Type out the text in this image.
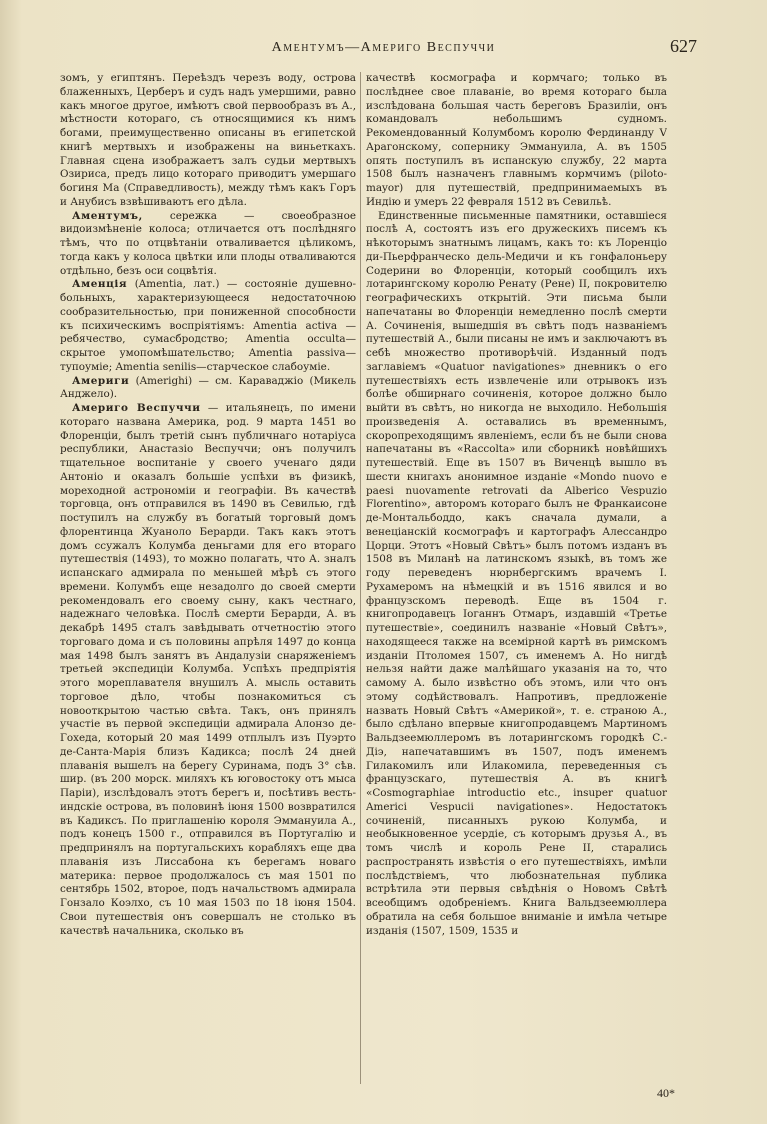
Аментумъ—Америго Веспуччи	627

зомъ, у египтянъ. Переѣздъ черезъ воду, острова блаженныхъ, Церберъ и судъ надъ умершими, равно какъ многое другое, имѣютъ свой первообразъ въ А., мѣстности котораго, съ относящимися къ нимъ богами, преимущественно описаны въ египетской книгѣ мертвыхъ и изображены на виньеткахъ. Главная сцена изображаетъ залъ судьи мертвыхъ Озириса, предъ лицо котораго приводитъ умершаго богиня Ма (Справедливость), между тѣмъ какъ Горъ и Анубисъ взвѣшиваютъ его дѣла.

Аментумъ, сережка — своеобразное видоизмѣненіе колоса; отличается отъ послѣдняго тѣмъ, что по отцвѣтаніи отваливается цѣликомъ, тогда какъ у колоса цвѣтки или плоды отваливаются отдѣльно, безъ оси соцвѣтія.

Аменція (Amentia, лат.) — состояніе душевно-больныхъ, характеризующееся недостаточною сообразительностью, при пониженной способности къ психическимъ воспріятіямъ: Amentia activa — ребячество, сумасбродство; Amentia occulta—скрытое умопомѣшательство; Amentia passiva—тупоуміе; Amentia senilis—старческое слабоуміе.

Америги (Amerighi) — см. Караваджіо (Микель Анджело).

Америго Веспуччи — итальянецъ, по имени котораго названа Америка, род. 9 марта 1451 во Флоренціи, былъ третій сынъ публичнаго нотаріуса республики, Анастазіо Веспуччи; онъ получилъ тщательное воспитаніе у своего ученаго дяди Антоніо и оказалъ большіе успѣхи въ физикѣ, мореходной астрономіи и географіи. Въ качествѣ торговца, онъ отправился въ 1490 въ Севилью, гдѣ поступилъ на службу въ богатый торговый домъ флорентинца Жуаноло Берарди. Такъ какъ этотъ домъ ссужалъ Колумба деньгами для его втораго путешествія (1493), то можно полагать, что А. зналъ испанскаго адмирала по меньшей мѣрѣ съ этого времени. Колумбъ еще незадолго до своей смерти рекомендовалъ его своему сыну, какъ честнаго, надежнаго человѣка. Послѣ смерти Берарди, А. въ декабрѣ 1495 сталъ завѣдывать отчетностію этого торговаго дома и съ половины апрѣля 1497 до конца мая 1498 былъ занятъ въ Андалузіи снаряженіемъ третьей экспедиціи Колумба. Успѣхъ предпріятія этого мореплавателя внушилъ А. мысль оставить торговое дѣло, чтобы познакомиться съ новооткрытою частью свѣта. Такъ, онъ принялъ участіе въ первой экспедиціи адмирала Алонзо де-Гохеда, который 20 мая 1499 отплылъ изъ Пуэрто де-Санта-Марія близъ Кадикса; послѣ 24 дней плаванія вышелъ на берегу Суринама, подъ 3° сѣв. шир. (въ 200 морск. миляхъ къ юговостоку отъ мыса Паріи), изслѣдовалъ этотъ берегъ и, посѣтивъ весть-индскіе острова, въ половинѣ іюня 1500 возвратился въ Кадиксъ. По приглашенію короля Эммануила А., подъ конецъ 1500 г., отправился въ Португалію и предпринялъ на португальскихъ корабляхъ еще два плаванія изъ Лиссабона къ берегамъ новаго материка: первое продолжалось съ мая 1501 по сентябрь 1502, второе, подъ начальствомъ адмирала Гонзало Коэлхо, съ 10 мая 1503 по 18 іюня 1504. Свои путешествія онъ совершалъ не столько въ качествѣ начальника, сколько въ

качествѣ космографа и кормчаго; только въ послѣднее свое плаваніе, во время котораго была изслѣдована большая часть береговъ Бразиліи, онъ командовалъ небольшимъ судномъ. Рекомендованный Колумбомъ королю Фердинанду V Арагонскому, сопернику Эммануила, А. въ 1505 опять поступилъ въ испанскую службу, 22 марта 1508 былъ назначенъ главнымъ кормчимъ (piloto-mayor) для путешествій, предпринимаемыхъ въ Индію и умеръ 22 февраля 1512 въ Севильѣ.

Единственные письменные памятники, оставшіеся послѣ А, состоятъ изъ его дружескихъ писемъ къ нѣкоторымъ знатнымъ лицамъ, какъ то: къ Лоренціо ди-Пьерфранческо дель-Медичи и къ гонфалоньеру Содерини во Флоренціи, который сообщилъ ихъ лотарингскому королю Ренату (Рене) II, покровителю географическихъ открытій. Эти письма были напечатаны во Флоренціи немедленно послѣ смерти А. Сочиненія, вышедшія въ свѣтъ подъ названіемъ путешествій А., были писаны не имъ и заключаютъ въ себѣ множество противорѣчій. Изданный подъ заглавіемъ «Quatuor navigationes» дневникъ о его путешествіяхъ есть извлеченіе или отрывокъ изъ болѣе обширнаго сочиненія, которое должно было выйти въ свѣтъ, но никогда не выходило. Небольшія произведенія А. оставались въ временнымъ, скоропреходящимъ явленіемъ, если бъ не были снова напечатаны въ «Raccolta» или сборникѣ новѣйшихъ путешествій. Еще въ 1507 въ Виченцѣ вышло въ шести книгахъ анонимное изданіе «Mondo nuovo e paesi nuovamente retrovati da Alberico Vespuzio Florentino», авторомъ котораго былъ не Франкаисоне де-Монтальбоддо, какъ сначала думали, а венеціанскій космографъ и картографъ Алессандро Цорци. Этотъ «Новый Свѣтъ» былъ потомъ изданъ въ 1508 въ Миланѣ на латинскомъ языкѣ, въ томъ же году переведенъ нюрнбергскимъ врачемъ І. Рухамеромъ на нѣмецкій и въ 1516 явился и во французскомъ переводѣ. Еще въ 1504 г. книгопродавецъ Іоганнъ Отмаръ, издавшій «Третье путешествіе», соединилъ названіе «Новый Свѣтъ», находящееся также на всемірной картѣ въ римскомъ изданіи Птоломея 1507, съ именемъ А. Но нигдѣ нельзя найти даже малѣйшаго указанія на то, что самому А. было извѣстно объ этомъ, или что онъ этому содѣйствовалъ. Напротивъ, предложеніе назвать Новый Свѣтъ «Америкой», т. е. страною А., было сдѣлано впервые книгопродавцемъ Мартиномъ Вальдзеемюллеромъ въ лотарингскомъ городкѣ С.-Діэ, напечатавшимъ въ 1507, подъ именемъ Гилакомилъ или Илакомила, переведенныя съ французскаго, путешествія А. въ книгѣ «Cosmographiae introductio etc., insuper quatuor Americi Vespucii navigationes». Недостатокъ сочиненій, писанныхъ рукою Колумба, и необыкновенное усердіе, съ которымъ друзья А., въ томъ числѣ и король Рене II, старались распространять извѣстія о его путешествіяхъ, имѣли послѣдствіемъ, что любознательная публика встрѣтила эти первыя свѣдѣнія о Новомъ Свѣтѣ всеобщимъ одобреніемъ. Книга Вальдзеемюллера обратила на себя большое вниманіе и имѣла четыре изданія (1507, 1509, 1535 и

40*
